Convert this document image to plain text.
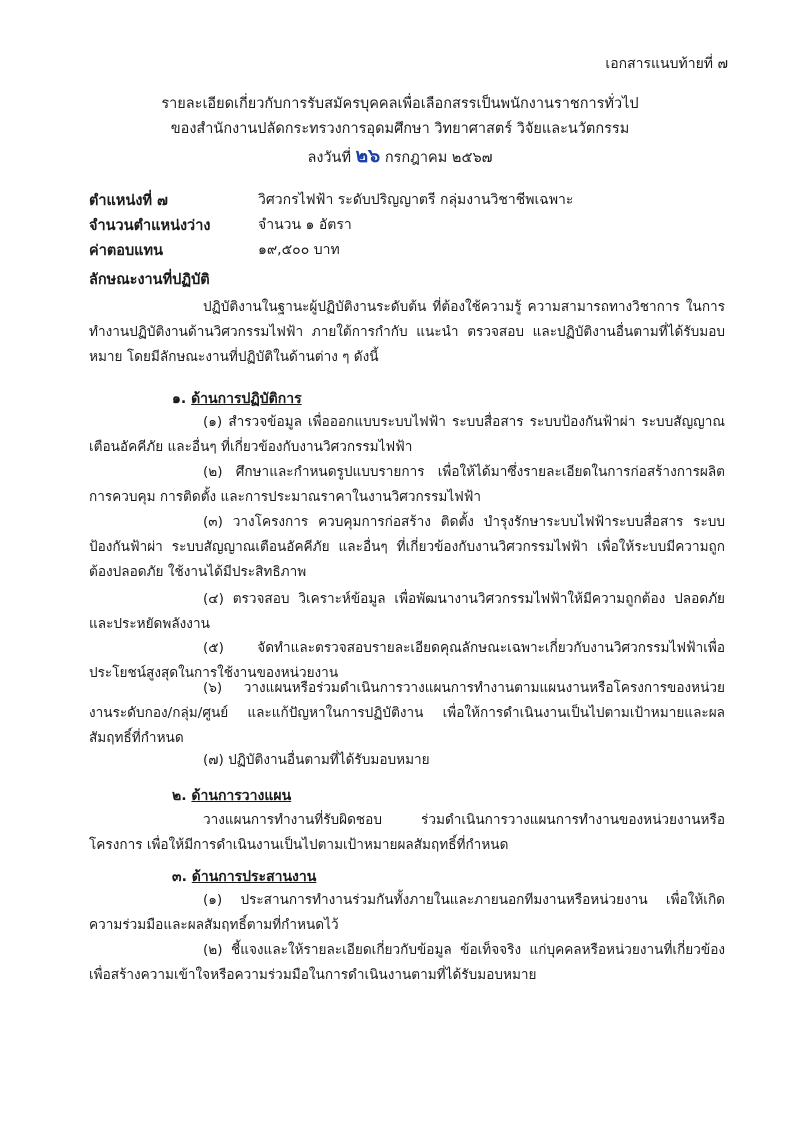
เอกสารแนบท้ายที่ ๗
รายละเอียดเกี่ยวกับการรับสมัครบุคคลเพื่อเลือกสรรเป็นพนักงานราชการทั่วไป
ของสำนักงานปลัดกระทรวงการอุดมศึกษา วิทยาศาสตร์ วิจัยและนวัตกรรม
ลงวันที่ ๒๖ กรกฎาคม ๒๕๖๗
ตำแหน่งที่ ๗	วิศวกรไฟฟ้า ระดับปริญญาตรี กลุ่มงานวิชาชีพเฉพาะ
จำนวนตำแหน่งว่าง	จำนวน ๑ อัตรา
ค่าตอบแทน	๑๙,๕๐๐ บาท
ลักษณะงานที่ปฏิบัติ
ปฏิบัติงานในฐานะผู้ปฏิบัติงานระดับต้น ที่ต้องใช้ความรู้ ความสามารถทางวิชาการ ในการทำงานปฏิบัติงานด้านวิศวกรรมไฟฟ้า ภายใต้การกำกับ แนะนำ ตรวจสอบ และปฏิบัติงานอื่นตามที่ได้รับมอบหมาย โดยมีลักษณะงานที่ปฏิบัติในด้านต่าง ๆ ดังนี้
๑. ด้านการปฏิบัติการ
(๑) สำรวจข้อมูล เพื่อออกแบบระบบไฟฟ้า ระบบสื่อสาร ระบบป้องกันฟ้าผ่า ระบบสัญญาณเตือนอัคคีภัย และอื่นๆ ที่เกี่ยวข้องกับงานวิศวกรรมไฟฟ้า
(๒) ศึกษาและกำหนดรูปแบบรายการ เพื่อให้ได้มาซึ่งรายละเอียดในการก่อสร้างการผลิต การควบคุม การติดตั้ง และการประมาณราคาในงานวิศวกรรมไฟฟ้า
(๓) วางโครงการ ควบคุมการก่อสร้าง ติดตั้ง บำรุงรักษาระบบไฟฟ้าระบบสื่อสาร ระบบป้องกันฟ้าผ่า ระบบสัญญาณเตือนอัคคีภัย และอื่นๆ ที่เกี่ยวข้องกับงานวิศวกรรมไฟฟ้า เพื่อให้ระบบมีความถูกต้องปลอดภัย ใช้งานได้มีประสิทธิภาพ
(๔) ตรวจสอบ วิเคราะห์ข้อมูล เพื่อพัฒนางานวิศวกรรมไฟฟ้าให้มีความถูกต้อง ปลอดภัยและประหยัดพลังงาน
(๕) จัดทำและตรวจสอบรายละเอียดคุณลักษณะเฉพาะเกี่ยวกับงานวิศวกรรมไฟฟ้าเพื่อประโยชน์สูงสุดในการใช้งานของหน่วยงาน
(๖) วางแผนหรือร่วมดำเนินการวางแผนการทำงานตามแผนงานหรือโครงการของหน่วยงานระดับกอง/กลุ่ม/ศูนย์ และแก้ปัญหาในการปฏิบัติงาน เพื่อให้การดำเนินงานเป็นไปตามเป้าหมายและผลสัมฤทธิ์ที่กำหนด
(๗) ปฏิบัติงานอื่นตามที่ได้รับมอบหมาย
๒. ด้านการวางแผน
วางแผนการทำงานที่รับผิดชอบ ร่วมดำเนินการวางแผนการทำงานของหน่วยงานหรือโครงการ เพื่อให้มีการดำเนินงานเป็นไปตามเป้าหมายผลสัมฤทธิ์ที่กำหนด
๓. ด้านการประสานงาน
(๑) ประสานการทำงานร่วมกันทั้งภายในและภายนอกทีมงานหรือหน่วยงาน เพื่อให้เกิดความร่วมมือและผลสัมฤทธิ์ตามที่กำหนดไว้
(๒) ชี้แจงและให้รายละเอียดเกี่ยวกับข้อมูล ข้อเท็จจริง แก่บุคคลหรือหน่วยงานที่เกี่ยวข้อง เพื่อสร้างความเข้าใจหรือความร่วมมือในการดำเนินงานตามที่ได้รับมอบหมาย
